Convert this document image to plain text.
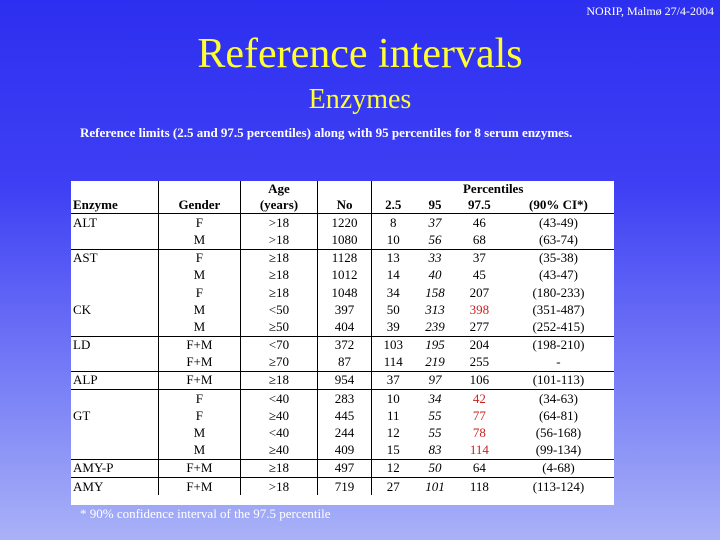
NORIP, Malmø 27/4-2004
Reference intervals
Enzymes
Reference limits (2.5 and 97.5 percentiles) along with 95 percentiles for 8 serum enzymes.
		Age		Percentiles			
Enzyme	Gender	(years)	No	2.5	95	97.5	(90% CI*)
ALT	F	>18	1220	8	37	46	(43-49)
	M	>18	1080	10	56	68	(63-74)
AST	F	≥18	1128	13	33	37	(35-38)
	M	≥18	1012	14	40	45	(43-47)
	F	≥18	1048	34	158	207	(180-233)
CK	M	<50	397	50	313	398	(351-487)
	M	≥50	404	39	239	277	(252-415)
LD	F+M	<70	372	103	195	204	(198-210)
	F+M	≥70	87	114	219	255	-
ALP	F+M	≥18	954	37	97	106	(101-113)
	F	<40	283	10	34	42	(34-63)
GT	F	≥40	445	11	55	77	(64-81)
	M	<40	244	12	55	78	(56-168)
	M	≥40	409	15	83	114	(99-134)
AMY-P	F+M	≥18	497	12	50	64	(4-68)
AMY	F+M	>18	719	27	101	118	(113-124)
* 90% confidence interval of the 97.5 percentile
